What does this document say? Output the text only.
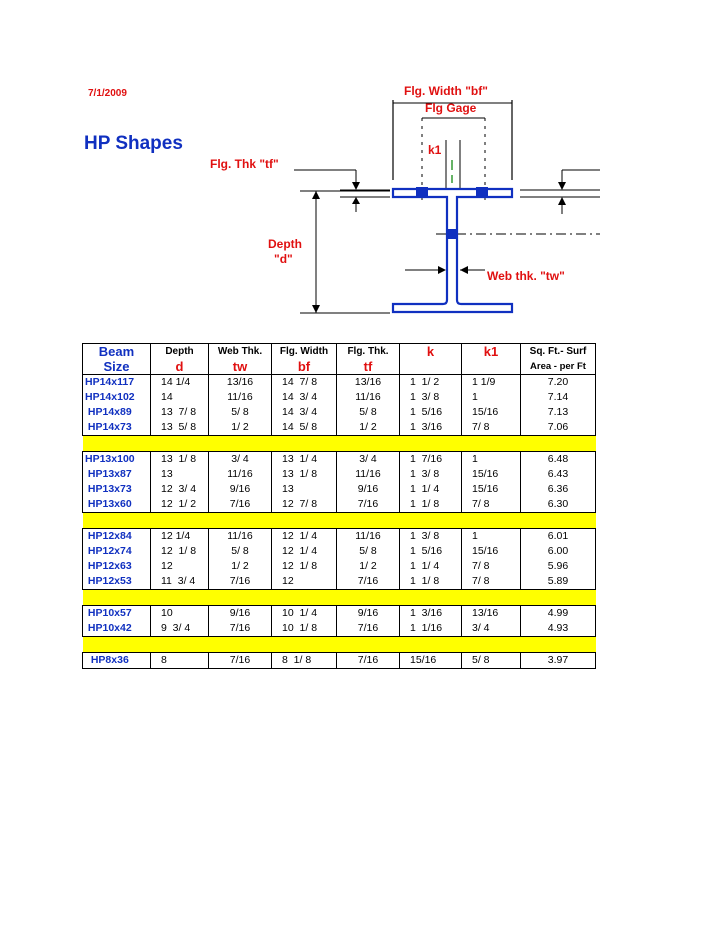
7/1/2009
HP Shapes
Flg. Width "bf"
Flg Gage
k1
Flg. Thk "tf"
Depth
"d"
Web thk. "tw"
Beam	Depth	Web Thk.	Flg. Width	Flg. Thk.	k	k1	Sq. Ft.- Surf
Size	d	tw	bf	tf			Area - per Ft
HP14x117	14 1/4	13/16	14  7/ 8	13/16	1  1/ 2	1 1/9	7.20
HP14x102	14	11/16	14  3/ 4	11/16	1  3/ 8	1	7.14
HP14x89	13  7/ 8	5/ 8	14  3/ 4	5/ 8	1  5/16	15/16	7.13
HP14x73	13  5/ 8	1/ 2	14  5/ 8	1/ 2	1  3/16	7/ 8	7.06

HP13x100	13  1/ 8	3/ 4	13  1/ 4	3/ 4	1  7/16	1	6.48
HP13x87	13	11/16	13  1/ 8	11/16	1  3/ 8	15/16	6.43
HP13x73	12  3/ 4	9/16	13	9/16	1  1/ 4	15/16	6.36
HP13x60	12  1/ 2	7/16	12  7/ 8	7/16	1  1/ 8	7/ 8	6.30

HP12x84	12 1/4	11/16	12  1/ 4	11/16	1  3/ 8	1	6.01
HP12x74	12  1/ 8	5/ 8	12  1/ 4	5/ 8	1  5/16	15/16	6.00
HP12x63	12	1/ 2	12  1/ 8	1/ 2	1  1/ 4	7/ 8	5.96
HP12x53	11  3/ 4	7/16	12	7/16	1  1/ 8	7/ 8	5.89

HP10x57	10	9/16	10  1/ 4	9/16	1  3/16	13/16	4.99
HP10x42	9  3/ 4	7/16	10  1/ 8	7/16	1  1/16	3/ 4	4.93

HP8x36	8	7/16	8  1/ 8	7/16	15/16	5/ 8	3.97
